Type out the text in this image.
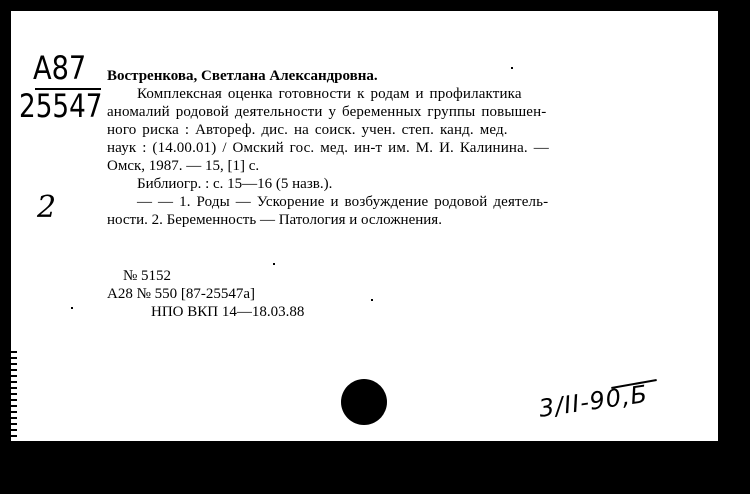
А87
25547
2
Востренкова, Светлана Александровна.
Комплексная оценка готовности к родам и профилактика
аномалий родовой деятельности у беременных группы повышен-
ного риска : Автореф. дис. на соиск. учен. степ. канд. мед.
наук : (14.00.01) / Омский гос. мед. ин-т им. М. И. Калинина. —
Омск, 1987. — 15, [1] с.
Библиогр. : с. 15—16 (5 назв.).
— — 1. Роды — Ускорение и возбуждение родовой деятель-
ности. 2. Беременность — Патология и осложнения.
№ 5152
А28 № 550 [87-25547а]
НПО ВКП 14—18.03.88
3/II-90,Б
